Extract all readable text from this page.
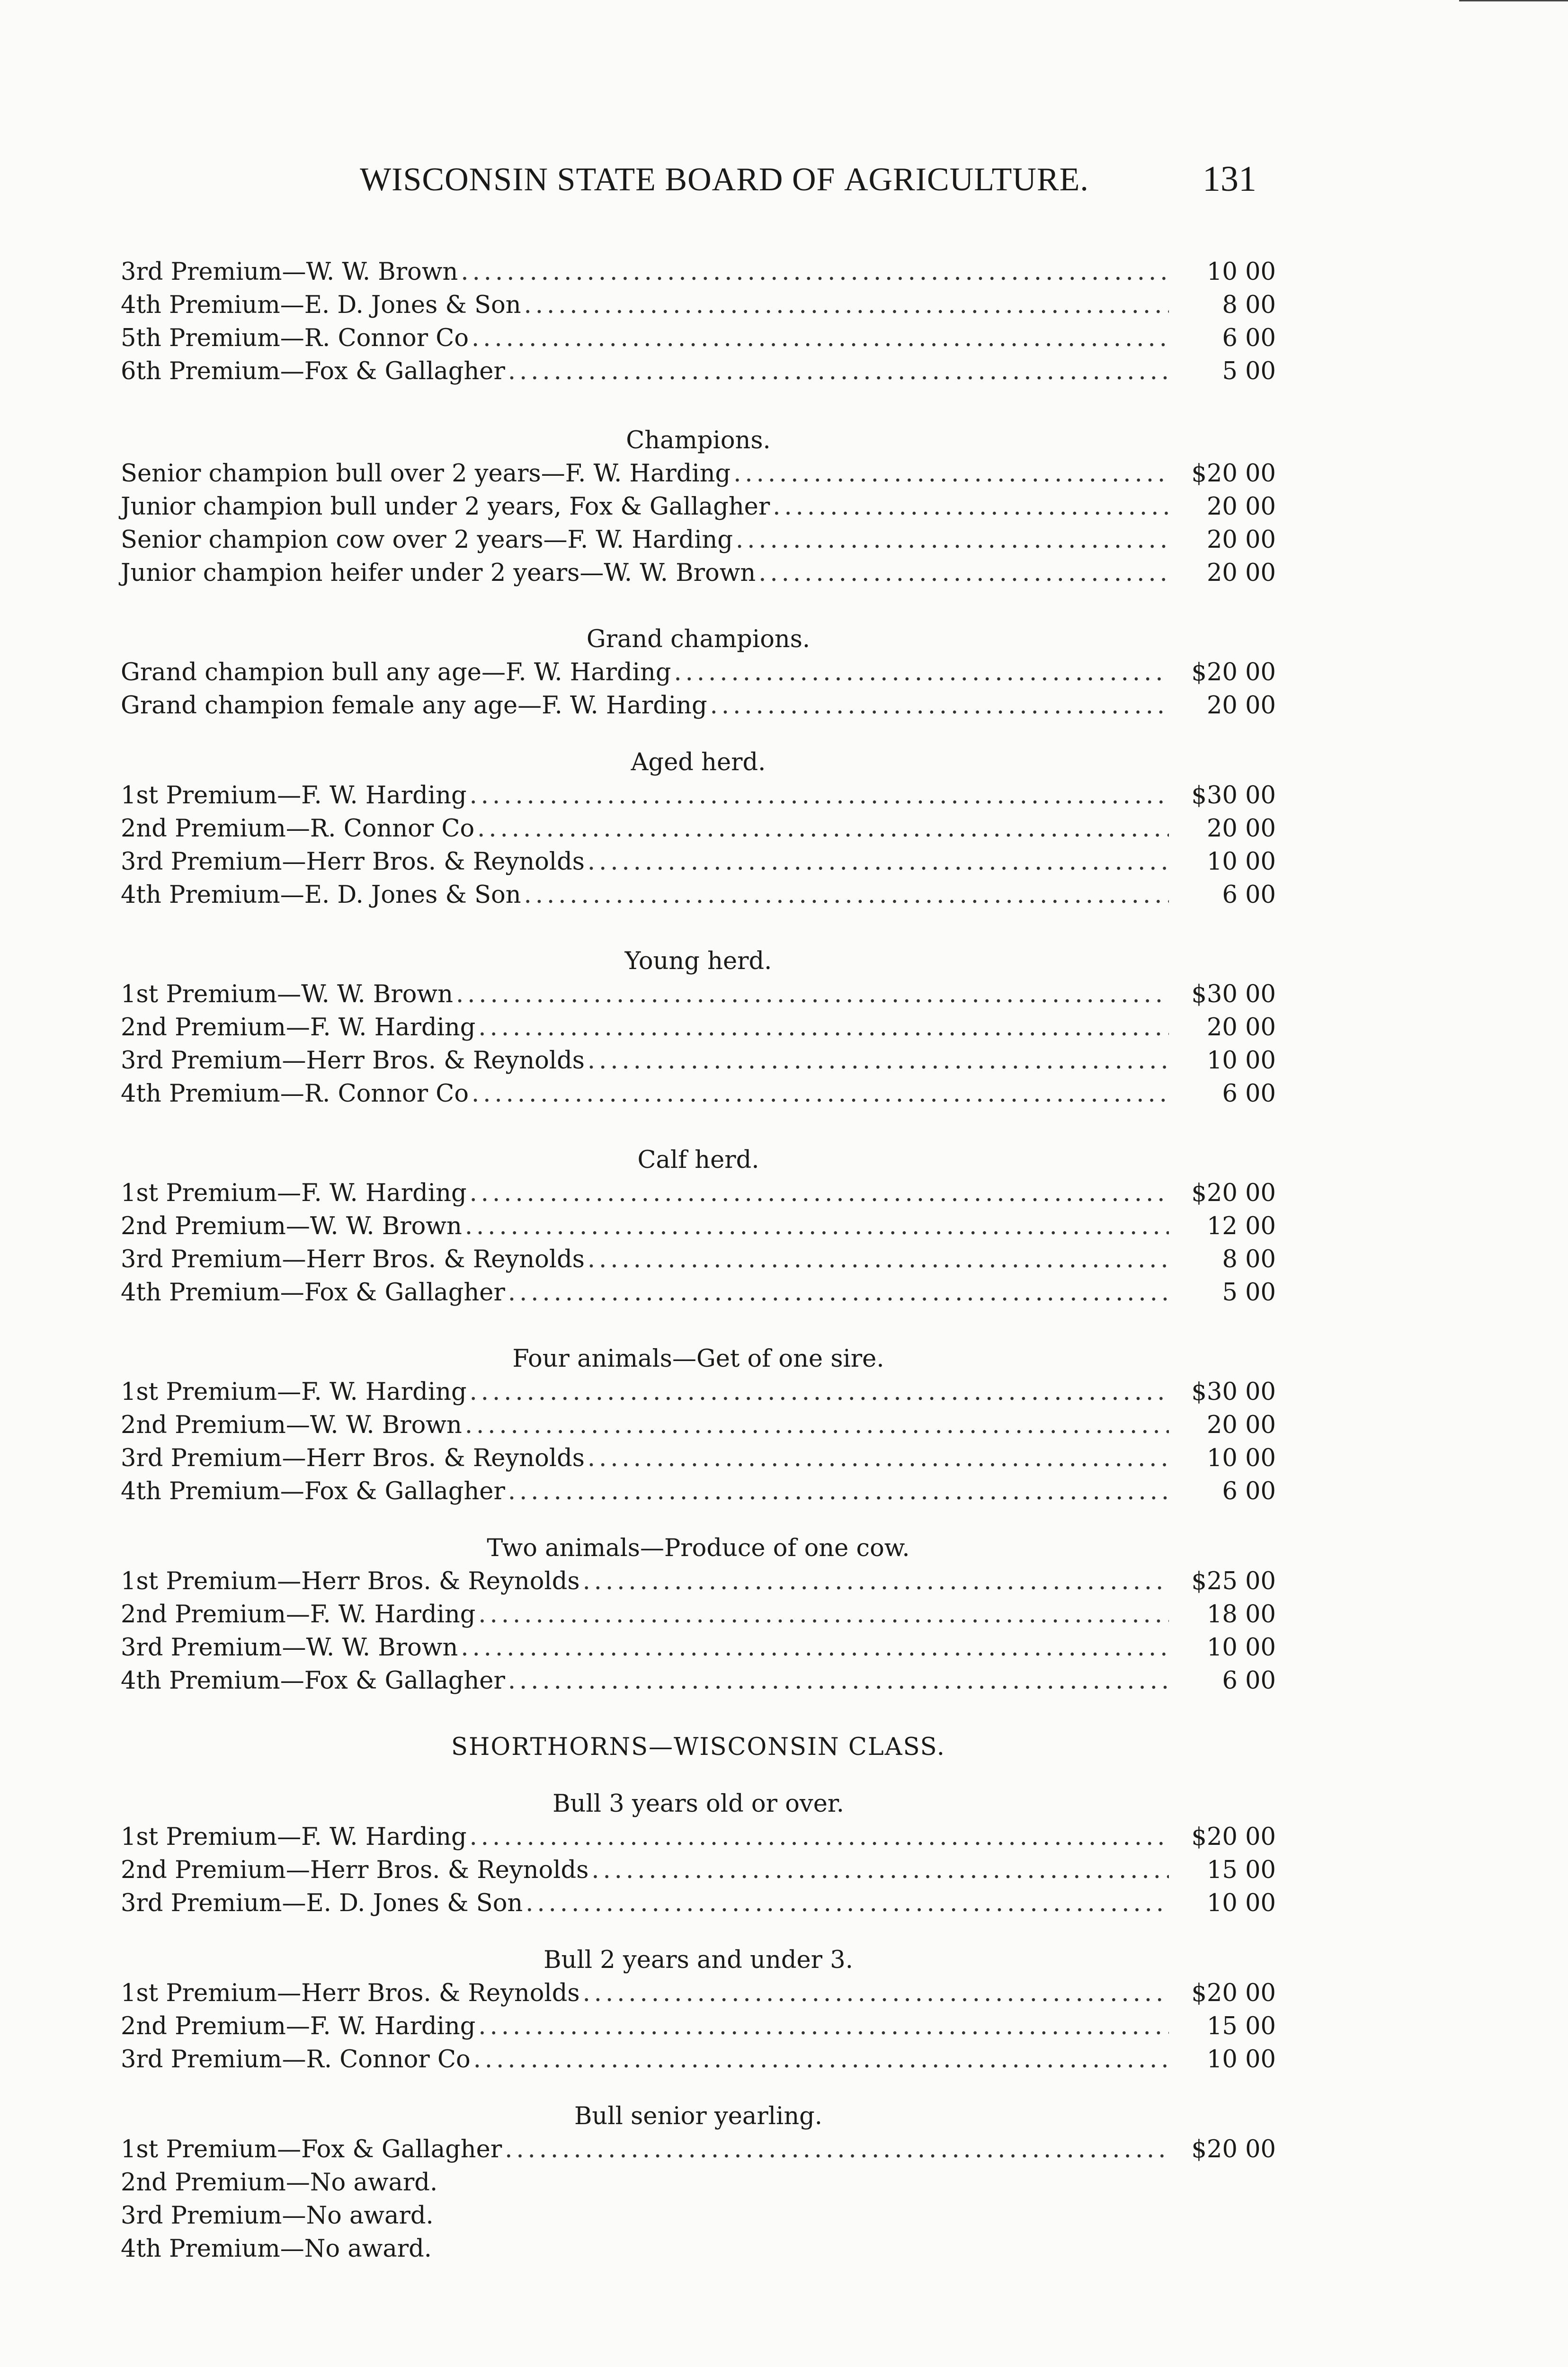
WISCONSIN STATE BOARD OF AGRICULTURE.	131
3rd Premium—W. W. Brown .....	10 00
4th Premium—E. D. Jones & Son .....	8 00
5th Premium—R. Connor Co .....	6 00
6th Premium—Fox & Gallagher .....	5 00
Champions.
Senior champion bull over 2 years—F. W. Harding .....	$20 00
Junior champion bull under 2 years, Fox & Gallagher .....	20 00
Senior champion cow over 2 years—F. W. Harding .....	20 00
Junior champion heifer under 2 years—W. W. Brown .....	20 00
Grand champions.
Grand champion bull any age—F. W. Harding .....	$20 00
Grand champion female any age—F. W. Harding .....	20 00
Aged herd.
1st Premium—F. W. Harding .....	$30 00
2nd Premium—R. Connor Co .....	20 00
3rd Premium—Herr Bros. & Reynolds .....	10 00
4th Premium—E. D. Jones & Son .....	6 00
Young herd.
1st Premium—W. W. Brown .....	$30 00
2nd Premium—F. W. Harding .....	20 00
3rd Premium—Herr Bros. & Reynolds .....	10 00
4th Premium—R. Connor Co .....	6 00
Calf herd.
1st Premium—F. W. Harding .....	$20 00
2nd Premium—W. W. Brown .....	12 00
3rd Premium—Herr Bros. & Reynolds .....	8 00
4th Premium—Fox & Gallagher .....	5 00
Four animals—Get of one sire.
1st Premium—F. W. Harding .....	$30 00
2nd Premium—W. W. Brown .....	20 00
3rd Premium—Herr Bros. & Reynolds .....	10 00
4th Premium—Fox & Gallagher .....	6 00
Two animals—Produce of one cow.
1st Premium—Herr Bros. & Reynolds .....	$25 00
2nd Premium—F. W. Harding .....	18 00
3rd Premium—W. W. Brown .....	10 00
4th Premium—Fox & Gallagher .....	6 00
SHORTHORNS—WISCONSIN CLASS.
Bull 3 years old or over.
1st Premium—F. W. Harding .....	$20 00
2nd Premium—Herr Bros. & Reynolds .....	15 00
3rd Premium—E. D. Jones & Son .....	10 00
Bull 2 years and under 3.
1st Premium—Herr Bros. & Reynolds .....	$20 00
2nd Premium—F. W. Harding .....	15 00
3rd Premium—R. Connor Co .....	10 00
Bull senior yearling.
1st Premium—Fox & Gallagher .....	$20 00
2nd Premium—No award.
3rd Premium—No award.
4th Premium—No award.
